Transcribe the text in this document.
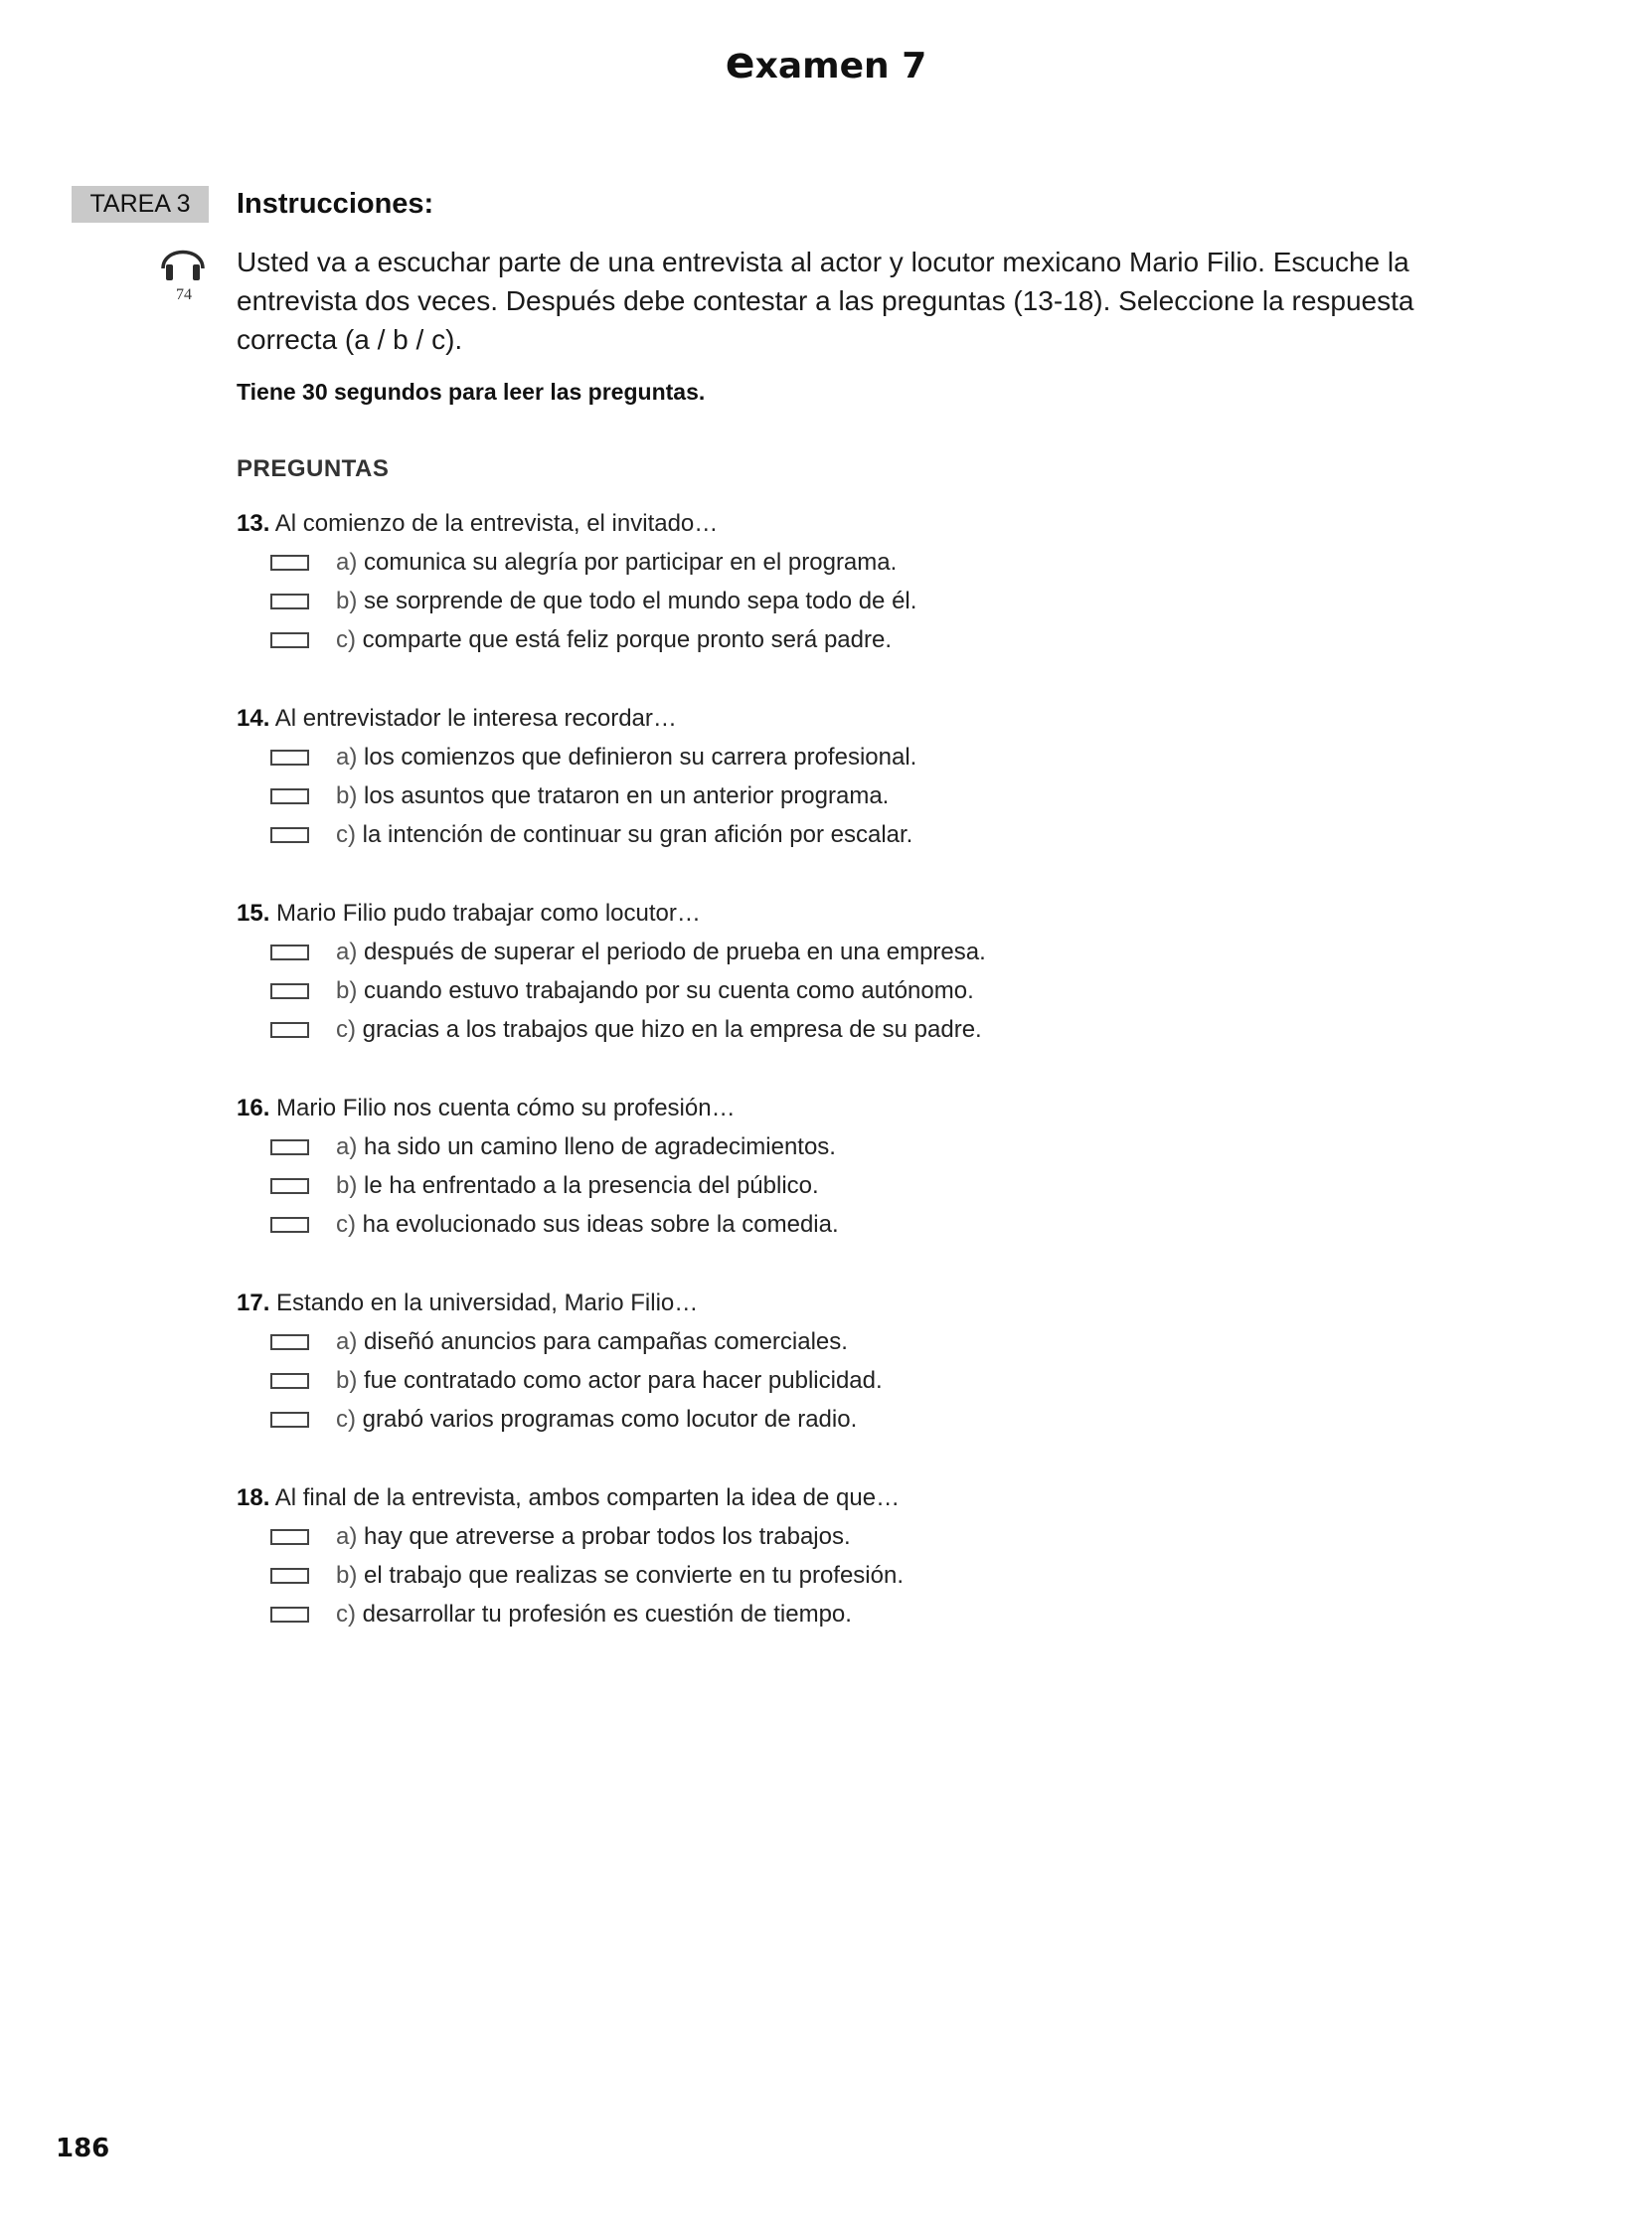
examen 7
TAREA 3	Instrucciones:
74
Usted va a escuchar parte de una entrevista al actor y locutor mexicano Mario Filio. Escuche la
entrevista dos veces. Después debe contestar a las preguntas (13-18). Seleccione la respuesta
correcta (a / b / c).
Tiene 30 segundos para leer las preguntas.
PREGUNTAS
13. Al comienzo de la entrevista, el invitado…
a) comunica su alegría por participar en el programa.
b) se sorprende de que todo el mundo sepa todo de él.
c) comparte que está feliz porque pronto será padre.
14. Al entrevistador le interesa recordar…
a) los comienzos que definieron su carrera profesional.
b) los asuntos que trataron en un anterior programa.
c) la intención de continuar su gran afición por escalar.
15. Mario Filio pudo trabajar como locutor…
a) después de superar el periodo de prueba en una empresa.
b) cuando estuvo trabajando por su cuenta como autónomo.
c) gracias a los trabajos que hizo en la empresa de su padre.
16. Mario Filio nos cuenta cómo su profesión…
a) ha sido un camino lleno de agradecimientos.
b) le ha enfrentado a la presencia del público.
c) ha evolucionado sus ideas sobre la comedia.
17. Estando en la universidad, Mario Filio…
a) diseñó anuncios para campañas comerciales.
b) fue contratado como actor para hacer publicidad.
c) grabó varios programas como locutor de radio.
18. Al final de la entrevista, ambos comparten la idea de que…
a) hay que atreverse a probar todos los trabajos.
b) el trabajo que realizas se convierte en tu profesión.
c) desarrollar tu profesión es cuestión de tiempo.
186
